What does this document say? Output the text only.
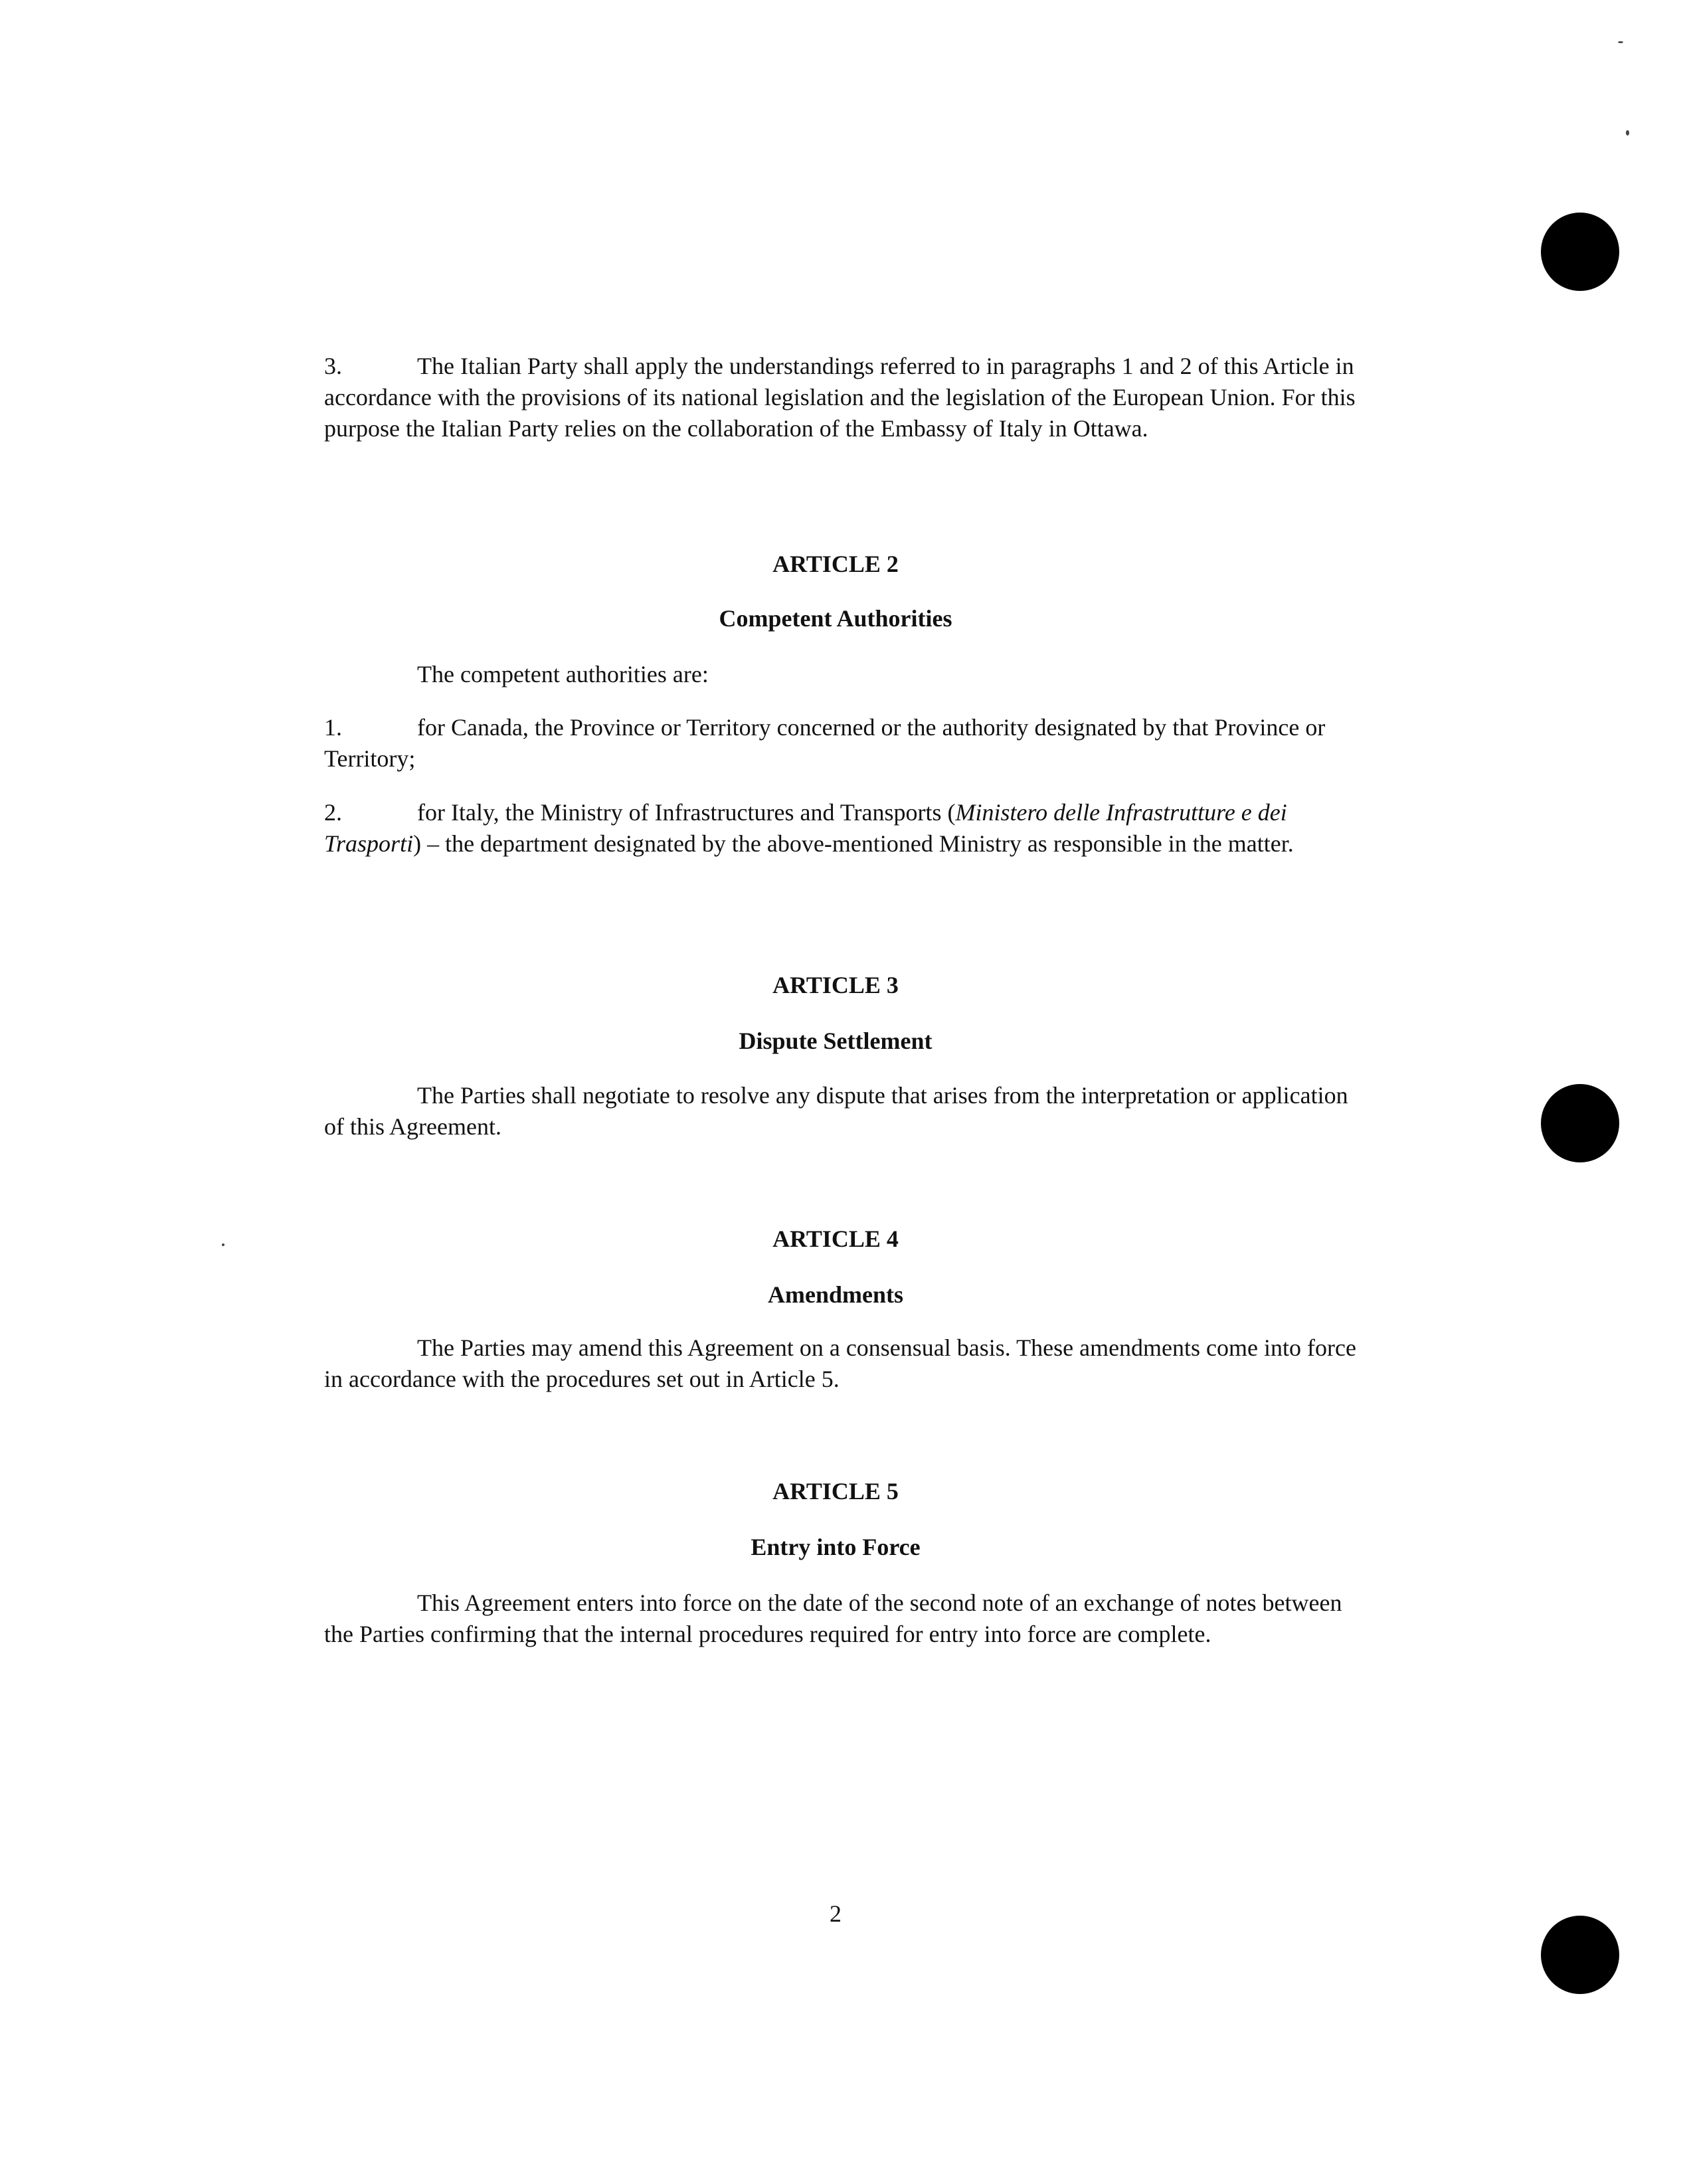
3.	The Italian Party shall apply the understandings referred to in paragraphs 1 and 2 of this Article in accordance with the provisions of its national legislation and the legislation of the European Union. For this purpose the Italian Party relies on the collaboration of the Embassy of Italy in Ottawa.

ARTICLE 2
Competent Authorities

The competent authorities are:

1.	for Canada, the Province or Territory concerned or the authority designated by that Province or Territory;

2.	for Italy, the Ministry of Infrastructures and Transports (Ministero delle Infrastrutture e dei Trasporti) – the department designated by the above-mentioned Ministry as responsible in the matter.

ARTICLE 3
Dispute Settlement

The Parties shall negotiate to resolve any dispute that arises from the interpretation or application of this Agreement.

ARTICLE 4
Amendments

The Parties may amend this Agreement on a consensual basis. These amendments come into force in accordance with the procedures set out in Article 5.

ARTICLE 5
Entry into Force

This Agreement enters into force on the date of the second note of an exchange of notes between the Parties confirming that the internal procedures required for entry into force are complete.

2
